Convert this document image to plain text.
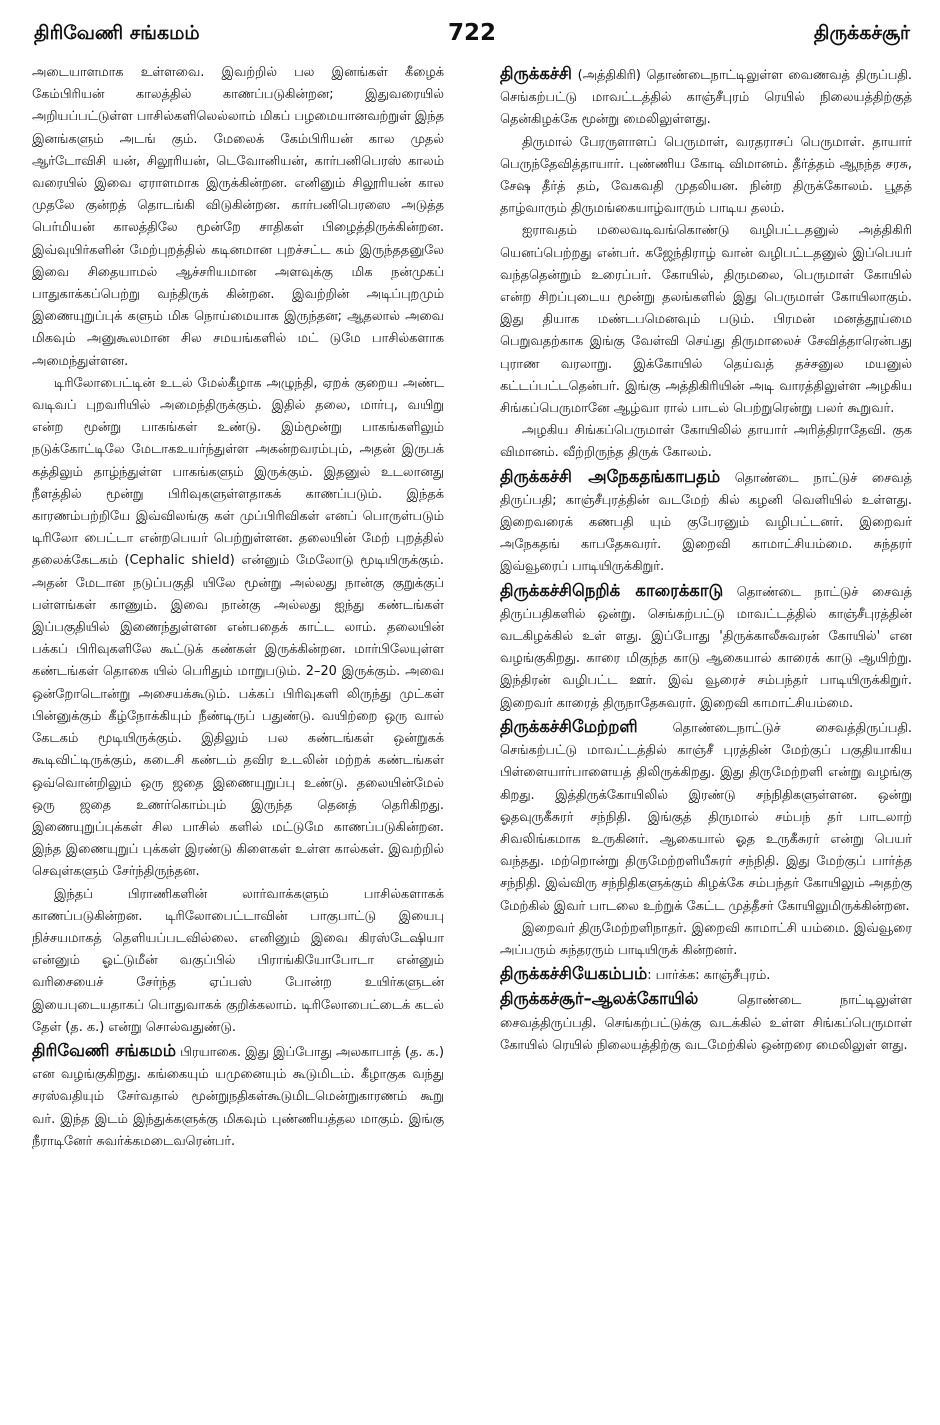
திரிவேணி சங்கமம்	722	திருக்கச்சூர்

அடையாளமாக உள்ளவை. இவற்றில் பல இனங்கள் கீழைக் கேம்பிரியன் காலத்தில் காணப்படுகின்றன; இதுவரையில் அறியப்பட்டுள்ள பாசில்களிலெல்லாம் மிகப் பழமையானவற்றுள் இந்த இனங்களும் அடங் கும். மேலைக் கேம்பிரியன் கால முதல் ஆர்டோவிசி யன், சிலூரியன், டெவோனியன், கார்பனிபெரஸ் காலம் வரையில் இவை ஏராளமாக இருக்கின்றன. எனினும் சிலூரியன் கால முதலே குன்றத் தொடங்கி விடுகின்றன. கார்பனிபெரஸை அடுத்த பெர்மியன் காலத்திலே மூன்றே சாதிகள் பிழைத்திருக்கின்றன. இவ்வுயிர்களின் மேற்புறத்தில் கடினமான புறச்சட்ட கம் இருந்ததனுலே இவை சிதையாமல் ஆச்சரியமான அளவுக்கு மிக நன்முகப் பாதுகாக்கப்பெற்று வந்திருக் கின்றன. இவற்றின் அடிப்புறமும் இணையுறுப்புக் களும் மிக நொய்மையாக இருந்தன; ஆதலால் அவை மிகவும் அனுகூலமான சில சமயங்களில் மட் டுமே பாசில்களாக அமைந்துள்ளன.

டிரிலோபைட்டின் உடல் மேல்கீழாக அழுந்தி, ஏறக் குறைய அண்ட வடிவப் புறவரியில் அமைந்திருக்கும். இதில் தலை, மார்பு, வயிறு என்ற மூன்று பாகங்கள் உண்டு. இம்மூன்று பாகங்களிலும் நடுக்கோட்டிலே மேடாகஉயர்ந்துள்ள அகன்றவரம்பும், அதன் இருபக் கத்திலும் தாழ்ந்துள்ள பாகங்களும் இருக்கும். இதனுல் உடலானது நீளத்தில் மூன்று பிரிவுகளுள்ளதாகக் காணப்படும். இந்தக் காரணம்பற்றியே இவ்விலங்கு கள் முப்பிரிவிகள் எனப் பொருள்படும் டிரிலோ பைட்டா என்றபெயர் பெற்றுள்ளன. தலையின் மேற் புறத்தில் தலைக்கேடகம் (Cephalic shield) என்னும் மேலோடு மூடியிருக்கும். அதன் மேடான நடுப்பகுதி யிலே மூன்று அல்லது நான்கு குறுக்குப் பள்ளங்கள் காணும். இவை நான்கு அல்லது ஐந்து கண்டங்கள் இப்பகுதியில் இணைந்துள்ளன என்பதைக் காட்ட லாம். தலையின் பக்கப் பிரிவுகளிலே கூட்டுக் கண்கள் இருக்கின்றன. மார்பிலேயுள்ள கண்டங்கள் தொகை யில் பெரிதும் மாறுபடும். 2–20 இருக்கும். அவை ஒன்றோடொன்று அசையக்கூடும். பக்கப் பிரிவுகளி லிருந்து முட்கள் பின்னுக்கும் கீழ்நோக்கியும் நீண்டிருப் பதுண்டு. வயிற்றை ஒரு வால் கேடகம் மூடியிருக்கும். இதிலும் பல கண்டங்கள் ஒன்றுகக் கூடிவிட்டிருக்கும், கடைசி கண்டம் தவிர உடலின் மற்றக் கண்டங்கள் ஒவ்வொன்றிலும் ஒரு ஜதை இணையுறுப்பு உண்டு. தலையின்மேல் ஒரு ஜதை உணர்கொம்பும் இருந்த தெனத் தெரிகிறது. இணையுறுப்புக்கள் சில பாசில் களில் மட்டுமே காணப்படுகின்றன. இந்த இணையுறுப் புக்கள் இரண்டு கிளைகள் உள்ள கால்கள். இவற்றில் செவுள்களும் சேர்ந்திருந்தன.

இந்தப் பிராணிகளின் லார்வாக்களும் பாசில்களாகக் காணப்படுகின்றன. டிரிலோபைட்டாவின் பாகுபாட்டு இயைபு நிச்சயமாகத் தெளியப்படவில்லை. எனினும் இவை கிரஸ்டேஷியா என்னும் ஓட்டுமீன் வகுப்பில் பிராங்கியோபோடா என்னும் வரிசையைச் சேர்ந்த ஏப்பஸ் போன்ற உயிர்களுடன் இயைபுடையதாகப் பொதுவாகக் குறிக்கலாம். டிரிலோபைட்டைக் கடல் தேள் (த. க.) என்று சொல்வதுண்டு.

திரிவேணி சங்கமம் பிரயாகை. இது இப்போது அலகாபாத் (த. க.) என வழங்குகிறது. கங்கையும் யமுனையும் கூடுமிடம். கீழாகுக வந்து சரஸ்வதியும் சேர்வதால் மூன்றுநதிகள்கூடுமிடமென்றுகாரணம் கூறு வர். இந்த இடம் இந்துக்களுக்கு மிகவும் புண்ணியத்தல மாகும். இங்கு நீராடினேர் சுவர்க்கமடைவரென்பர்.

திருக்கச்சி (அத்திகிரி) தொண்டைநாட்டிலுள்ள வைணவத் திருப்பதி. செங்கற்பட்டு மாவட்டத்தில் காஞ்சீபுரம் ரெயில் நிலையத்திற்குத் தென்கிழக்கே மூன்று மைலிலுள்ளது.

திருமால் பேரருளாளப் பெருமாள், வரதராசப் பெருமாள். தாயார் பெருந்தேவித்தாயார். புண்ணிய கோடி விமானம். தீர்த்தம் ஆநந்த சரசு, சேஷ தீர்த் தம், வேகவதி முதலியன. நின்ற திருக்கோலம். பூதத் தாழ்வாரும் திருமங்கையாழ்வாரும் பாடிய தலம்.

ஐராவதம் மலைவடிவங்கொண்டு வழிபட்டதனுல் அத்திகிரி யெனப்பெற்றது என்பர். கஜேந்திராழ் வான் வழிபட்டதனுல் இப்பெயர் வந்ததென்றும் உரைப்பர். கோயில், திருமலை, பெருமாள் கோயில் என்ற சிறப்புடைய மூன்று தலங்களில் இது பெருமாள் கோயிலாகும். இது தியாக மண்டபமெனவும் படும். பிரமன் மனத்தூய்மை பெறுவதற்காக இங்கு வேள்வி செய்து திருமாலைச் சேவித்தாரென்பது புராண வரலாறு. இக்கோயில் தெய்வத் தச்சனுல மயனுல் கட்டப்பட்டதென்பர். இங்கு அத்திகிரியின் அடி வாரத்திலுள்ள அழகிய சிங்கப்பெருமானே ஆழ்வா ரால் பாடல் பெற்றுரென்று பலர் கூறுவர்.

அழகிய சிங்கப்பெருமாள் கோயிலில் தாயார் அரித்திராதேவி. குக விமானம். வீற்றிருந்த திருக் கோலம்.

திருக்கச்சி அநேகதங்காபதம் தொண்டை நாட்டுச் சைவத் திருப்பதி; காஞ்சீபுரத்தின் வடமேற் கில் கழனி வெளியில் உள்ளது. இறைவரைக் கணபதி யும் குபேரனும் வழிபட்டனர். இறைவர் அநேகதங் காபதேசுவரர். இறைவி காமாட்சியம்மை. சுந்தரர் இவ்வூரைப் பாடியிருக்கிறுர்.

திருக்கச்சிநெறிக் காரைக்காடு தொண்டை நாட்டுச் சைவத் திருப்பதிகளில் ஒன்று. செங்கற்பட்டு மாவட்டத்தில் காஞ்சீபுரத்தின் வடகிழக்கில் உள் ளது. இப்போது 'திருக்காலீசுவரன் கோயில்' என வழங்குகிறது. காரை மிகுந்த காடு ஆகையால் காரைக் காடு ஆயிற்று. இந்திரன் வழிபட்ட ஊர். இவ் வூரைச் சம்பந்தர் பாடியிருக்கிறுர். இறைவர் காரைத் திருநாதேசுவரர். இறைவி காமாட்சியம்மை.

திருக்கச்சிமேற்றளி தொண்டைநாட்டுச் சைவத்திருப்பதி. செங்கற்பட்டு மாவட்டத்தில் காஞ்சீ புரத்தின் மேற்குப் பகுதியாகிய பிள்ளையார்பாளையத் திலிருக்கிறது. இது திருமேற்றளி என்று வழங்கு கிறது. இத்திருக்கோயிலில் இரண்டு சந்நிதிகளுள்ளன. ஒன்று ஓதவுருகீசுரர் சந்நிதி. இங்குத் திருமால் சம்பந் தர் பாடலாற் சிவலிங்கமாக உருகினர். ஆகையால் ஓத உருகீசுரர் என்று பெயர் வந்தது. மற்றொன்று திருமேற்றளியீசுரர் சந்நிதி. இது மேற்குப் பார்த்த சந்நிதி. இவ்விரு சந்நிதிகளுக்கும் கிழக்கே சம்பந்தர் கோயிலும் அதற்கு மேற்கில் இவர் பாடலை உற்றுக் கேட்ட முத்தீசர் கோயிலுமிருக்கின்றன.

இறைவர் திருமேற்றளிநாதர். இறைவி காமாட்சி யம்மை. இவ்வூரை அப்பரும் சுந்தரரும் பாடியிருக் கின்றனர்.

திருக்கச்சியேகம்பம்: பார்க்க: காஞ்சீபுரம்.

திருக்கச்சூர்–ஆலக்கோயில் தொண்டை நாட்டிலுள்ள சைவத்திருப்பதி. செங்கற்பட்டுக்கு வடக்கில் உள்ள சிங்கப்பெருமாள் கோயில் ரெயில் நிலையத்திற்கு வடமேற்கில் ஒன்றரை மைலிலுள் ளது.
